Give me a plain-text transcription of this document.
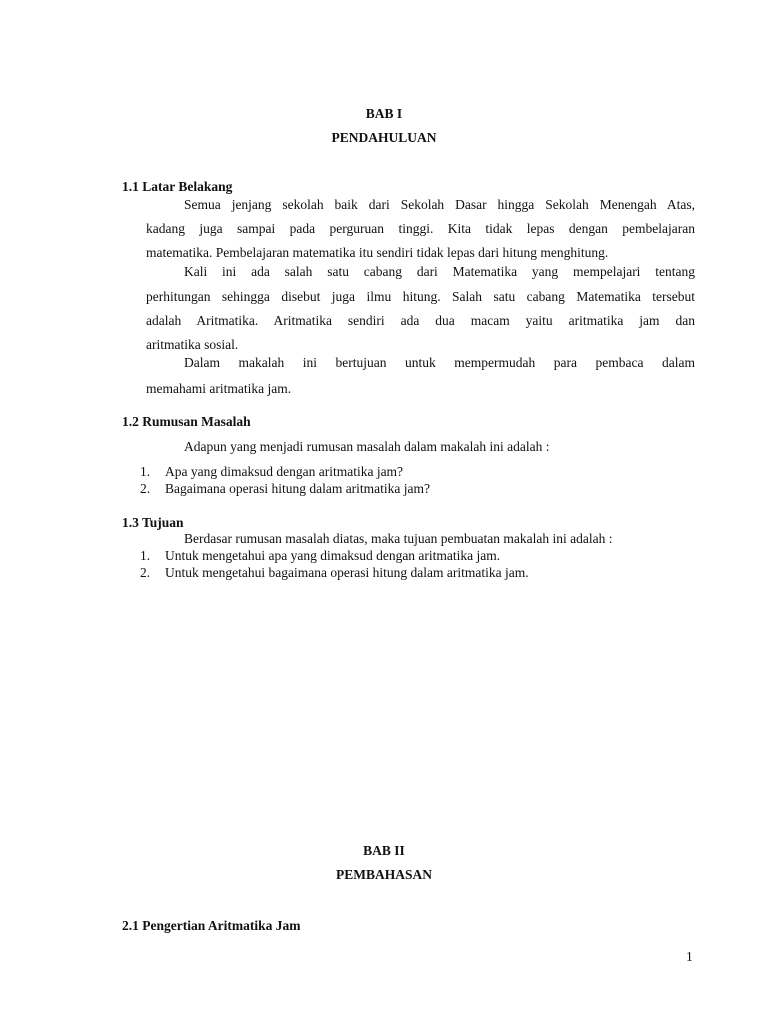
BAB I
PENDAHULUAN
1.1 Latar Belakang
Semua jenjang sekolah baik dari Sekolah Dasar hingga Sekolah Menengah Atas,
kadang juga sampai pada perguruan tinggi. Kita tidak lepas dengan pembelajaran
matematika. Pembelajaran matematika itu sendiri tidak lepas dari hitung menghitung.
Kali ini ada salah satu cabang dari Matematika yang mempelajari tentang
perhitungan sehingga disebut juga ilmu hitung. Salah satu cabang Matematika tersebut
adalah Aritmatika. Aritmatika sendiri ada dua macam yaitu aritmatika jam dan
aritmatika sosial.
Dalam makalah ini bertujuan untuk mempermudah para pembaca dalam
memahami aritmatika jam.
1.2 Rumusan Masalah
Adapun yang menjadi rumusan masalah dalam makalah ini adalah :
1. Apa yang dimaksud dengan aritmatika jam?
2. Bagaimana operasi hitung dalam aritmatika jam?
1.3 Tujuan
Berdasar rumusan masalah diatas, maka tujuan pembuatan makalah ini adalah :
1. Untuk mengetahui apa yang dimaksud dengan aritmatika jam.
2. Untuk mengetahui bagaimana operasi hitung dalam aritmatika jam.
BAB II
PEMBAHASAN
2.1 Pengertian Aritmatika Jam
1
